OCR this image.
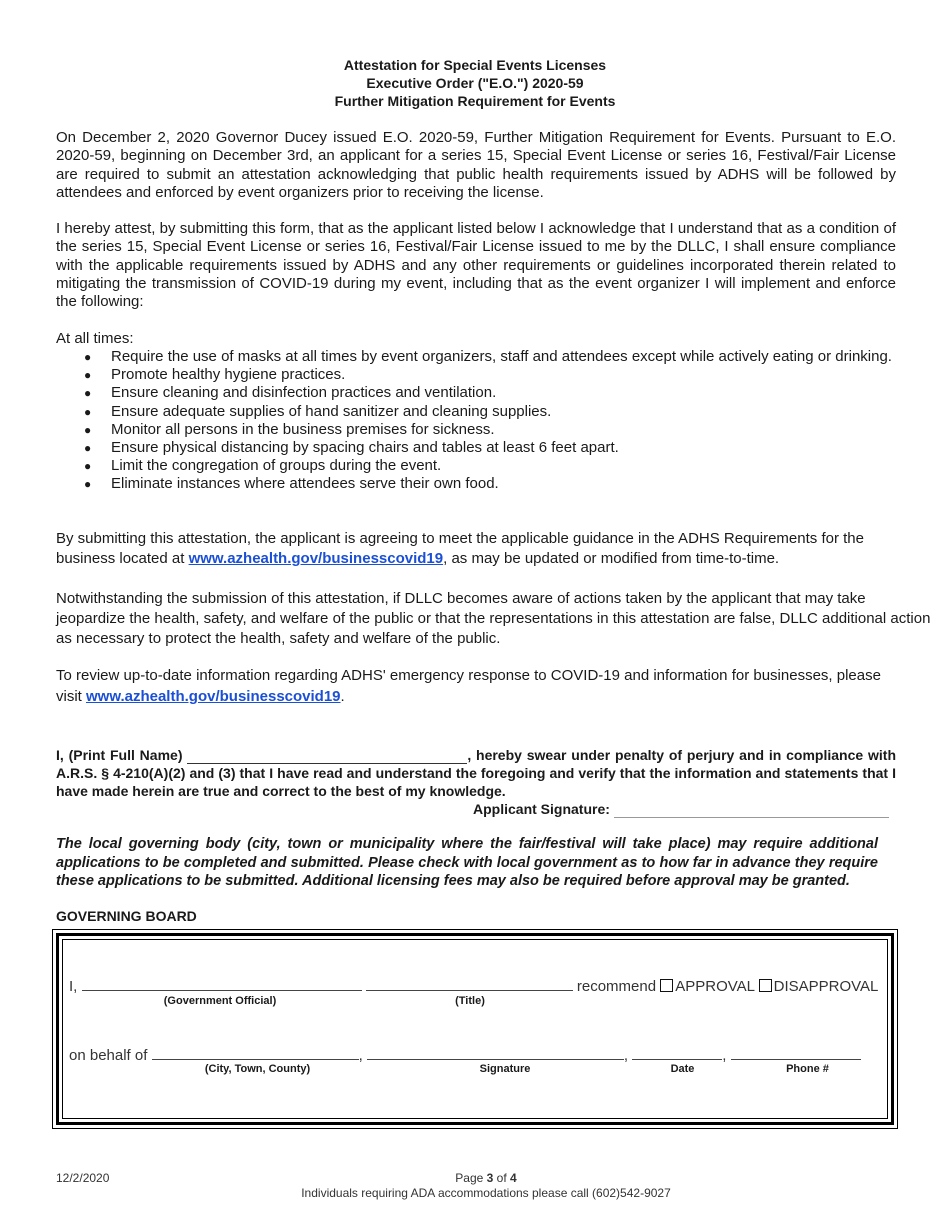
Attestation for Special Events Licenses
Executive Order ("E.O.") 2020-59
Further Mitigation Requirement for Events
On December 2, 2020 Governor Ducey issued E.O. 2020-59, Further Mitigation Requirement for Events. Pursuant to E.O. 2020-59, beginning on December 3rd, an applicant for a series 15, Special Event License or series 16, Festival/Fair License are required to submit an attestation acknowledging that public health requirements issued by ADHS will be followed by attendees and enforced by event organizers prior to receiving the license.
I hereby attest, by submitting this form, that as the applicant listed below I acknowledge that I understand that as a condition of the series 15, Special Event License or series 16, Festival/Fair License issued to me by the DLLC, I shall ensure compliance with the applicable requirements issued by ADHS and any other requirements or guidelines incorporated therein related to mitigating the transmission of COVID-19 during my event, including that as the event organizer I will implement and enforce the following:
At all times:
● Require the use of masks at all times by event organizers, staff and attendees except while actively eating or drinking.
● Promote healthy hygiene practices.
● Ensure cleaning and disinfection practices and ventilation.
● Ensure adequate supplies of hand sanitizer and cleaning supplies.
● Monitor all persons in the business premises for sickness.
● Ensure physical distancing by spacing chairs and tables at least 6 feet apart.
● Limit the congregation of groups during the event.
● Eliminate instances where attendees serve their own food.
By submitting this attestation, the applicant is agreeing to meet the applicable guidance in the ADHS Requirements for the business located at www.azhealth.gov/businesscovid19, as may be updated or modified from time-to-time.
Notwithstanding the submission of this attestation, if DLLC becomes aware of actions taken by the applicant that may take jeopardize the health, safety, and welfare of the public or that the representations in this attestation are false, DLLC additional action as necessary to protect the health, safety and welfare of the public.
To review up-to-date information regarding ADHS' emergency response to COVID-19 and information for businesses, please visit www.azhealth.gov/businesscovid19.
I, (Print Full Name)	, hereby swear under penalty of perjury and in compliance with A.R.S. § 4-210(A)(2) and (3) that I have read and understand the foregoing and verify that the information and statements that I have made herein are true and correct to the best of my knowledge.
Applicant Signature:
The local governing body (city, town or municipality where the fair/festival will take place) may require additional applications to be completed and submitted. Please check with local government as to how far in advance they require these applications to be submitted. Additional licensing fees may also be required before approval may be granted.
GOVERNING BOARD
I,	recommend APPROVAL DISAPPROVAL
(Government Official)	(Title)
on behalf of	,	,	,
(City, Town, County)	Signature	Date	Phone #
12/2/2020	Page 3 of 4
Individuals requiring ADA accommodations please call (602)542-9027
